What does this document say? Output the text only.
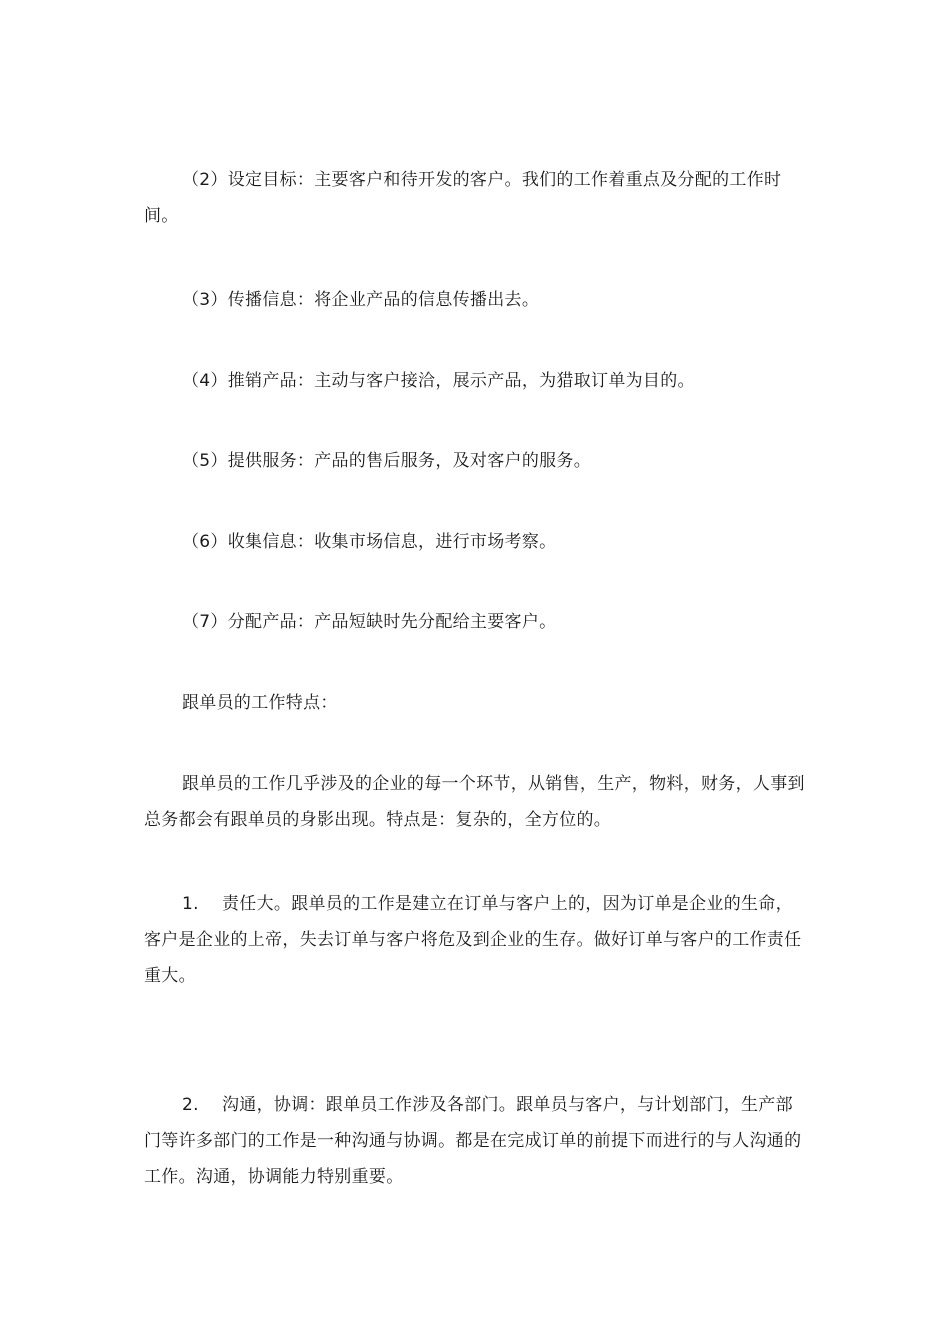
（2）设定目标：主要客户和待开发的客户。我们的工作着重点及分配的工作时间。

（3）传播信息：将企业产品的信息传播出去。

（4）推销产品：主动与客户接洽，展示产品，为猎取订单为目的。

（5）提供服务：产品的售后服务，及对客户的服务。

（6）收集信息：收集市场信息，进行市场考察。

（7）分配产品：产品短缺时先分配给主要客户。

跟单员的工作特点：

跟单员的工作几乎涉及的企业的每一个环节，从销售，生产，物料，财务，人事到总务都会有跟单员的身影出现。特点是：复杂的，全方位的。

1. 责任大。跟单员的工作是建立在订单与客户上的，因为订单是企业的生命，客户是企业的上帝，失去订单与客户将危及到企业的生存。做好订单与客户的工作责任重大。

2. 沟通，协调：跟单员工作涉及各部门。跟单员与客户，与计划部门，生产部门等许多部门的工作是一种沟通与协调。都是在完成订单的前提下而进行的与人沟通的工作。沟通，协调能力特别重要。
